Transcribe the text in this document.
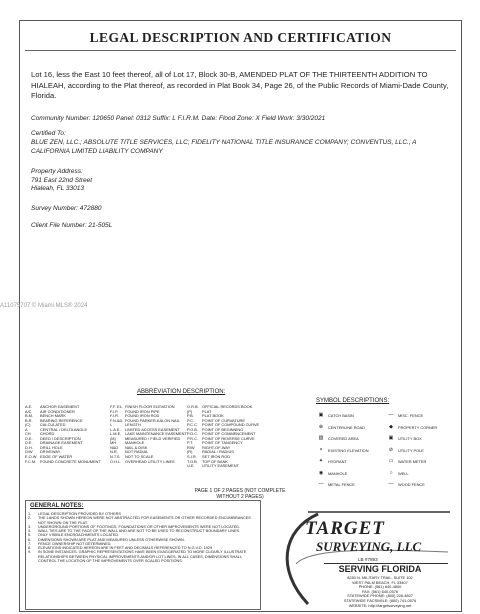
LEGAL DESCRIPTION AND CERTIFICATION
Lot 16, less the East 10 feet thereof, all of Lot 17, Block 30-B, AMENDED PLAT OF THE THIRTEENTH ADDITION TO HIALEAH, according to the Plat thereof, as recorded in Plat Book 34, Page 26, of the Public Records of Miami-Dade County, Florida.
Community Number: 120650 Panel: 0312 Suffix: L F.I.R.M. Date: Flood Zone: X Field Work: 3/30/2021
Certified To:
BLUE ZEN, LLC.; ABSOLUTE TITLE SERVICES, LLC; FIDELITY NATIONAL TITLE INSURANCE COMPANY; CONVENTUS, LLC., A CALIFORNIA LIMITED LIABILITY COMPANY
Property Address:
791 East 22nd Street
Hialeah, FL 33013
Survey Number: 472880
Client File Number: 21-505L
A11075707 © Miami MLS® 2024
ABBREVIATION DESCRIPTION:
SYMBOL DESCRIPTIONS:
A.E. ANCHOR EASEMENT
A/C AIR CONDITIONER
B.M. BENCH MARK
B.R. BEARING REFERENCE
(C) CALCULATED
Δ	CENTRAL / DELTA ANGLE
CH CHORD
D.E. DEED / DESCRIPTION
D.E. DRAINAGE EASEMENT
D.H. DRILL HOLE
D/W DRIVEWAY
E.O.W. EDGE OF WATER
F.C.M. FOUND CONCRETE MONUMENT
F.F. EL. FINISH FLOOR ELEVATION
F.I.P. FOUND IRON PIPE
F.I.R. FOUND IRON ROD
F.N.&D. FOUND PARKER-KALON NAIL
L	LENGTH
L.A.E. LIMITED ACCESS EASEMENT
L.M.E. LAKE MAINTENANCE EASEMENT
(M) MEASURED / FIELD VERIFIED
MH MANHOLE
N&D NAIL & DISK
N.R. NOT RADIAL
N.T.S. NOT TO SCALE
O.H.L. OVERHEAD UTILITY LINES
O.R.B. OFFICIAL RECORDS BOOK
(P)	PLAT
P.B. PLAT BOOK
P.C. POINT OF CURVATURE
P.C.C. POINT OF COMPOUND CURVE
P.O.B. POINT OF BEGINNING
P.O.C. POINT OF COMMENCEMENT
P.R.C. POINT OF REVERSE CURVE
P.T. POINT OF TANGENCY
R/W RIGHT-OF-WAY
(R) RADIAL / RADIUS
S.I.R. SET IRON ROD
T.O.B. TOP OF BANK
U.E. UTILITY EASEMENT
▣	CATCH BASIN
⊕	CENTERLINE ROAD
▨	COVERED AREA
×	EXISTING ELEVATION
✦	HYDRANT
◉	MANHOLE
—	METAL FENCE
—	MISC. FENCE
◆	PROPERTY CORNER
▣	UTILITY BOX
⊘	UTILITY POLE
▭	WATER METER
○	WELL
—	WOOD FENCE
PAGE 1 OF 2 PAGES (NOT COMPLETE WITHOUT 2 PAGES)
GENERAL NOTES:
1.	LEGAL DESCRIPTION PROVIDED BY OTHERS
2.	THE LANDS SHOWN HEREON WERE NOT ABSTRACTED FOR EASEMENTS OR OTHER RECORDED ENCUMBRANCES NOT SHOWN ON THE PLAT.
3.	UNDERGROUND PORTIONS OF FOOTINGS, FOUNDATIONS OR OTHER IMPROVEMENTS WERE NOT LOCATED.
4.	WALL TIES ARE TO THE FACE OF THE WALL AND ARE NOT TO BE USED TO RECONSTRUCT BOUNDARY LINES.
5.	ONLY VISIBLE ENCROACHMENTS LOCATED.
6.	DIMENSIONS SHOWN ARE PLAT AND MEASURED UNLESS OTHERWISE SHOWN.
7.	FENCE OWNERSHIP NOT DETERMINED.
8.	ELEVATIONS INDICATED HEREON ARE IN FEET AND DECIMALS REFERENCED TO N.G.V.D. 1929
9.	IN SOME INSTANCES, GRAPHIC REPRESENTATIONS HAVE BEEN EXAGGERATED TO MORE CLEARLY ILLUSTRATE RELATIONSHIPS BETWEEN PHYSICAL IMPROVEMENTS AND/OR LOT LINES. IN ALL CASES, DIMENSIONS SHALL CONTROL THE LOCATION OF THE IMPROVEMENTS OVER SCALED POSITIONS.
TARGET
SURVEYING, LLC
LB #7893
SERVING FLORIDA
8250 N. MILITARY TRAIL, SUITE 102
WEST PALM BEACH, FL 33407
PHONE: (561) 640-4800
FAX: (561) 640-0576
STATEWIDE PHONE: (800) 226-4807
STATEWIDE FACSIMILE: (800) 741-0576
WEBSITE: http://targetsurveying.net
